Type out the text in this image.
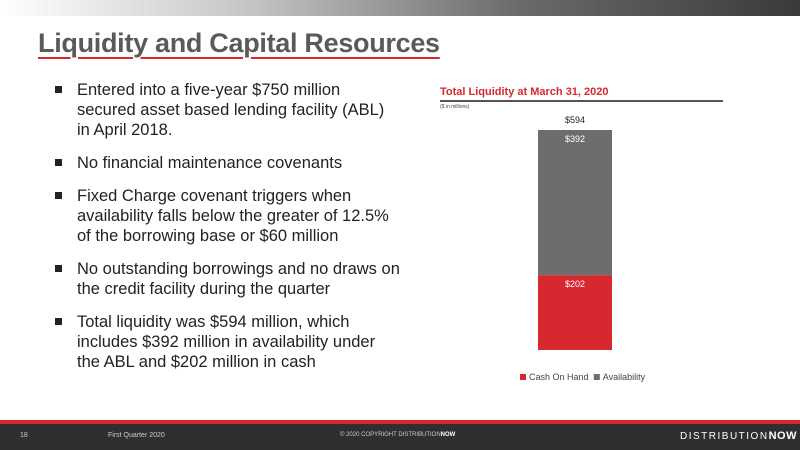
Liquidity and Capital Resources
Entered into a five-year $750 million secured asset based lending facility (ABL) in April 2018.
No financial maintenance covenants
Fixed Charge covenant triggers when availability falls below the greater of 12.5% of the borrowing base or $60 million
No outstanding borrowings and no draws on the credit facility during the quarter
Total liquidity was $594 million, which includes $392 million in availability under the ABL and $202 million in cash
Total Liquidity at March 31, 2020
($ in millions)
$202
$392
$594
Cash On Hand Availability
18	First Quarter 2020	© 2020 COPYRIGHT DISTRIBUTIONNOW	DISTRIBUTIONNOW
